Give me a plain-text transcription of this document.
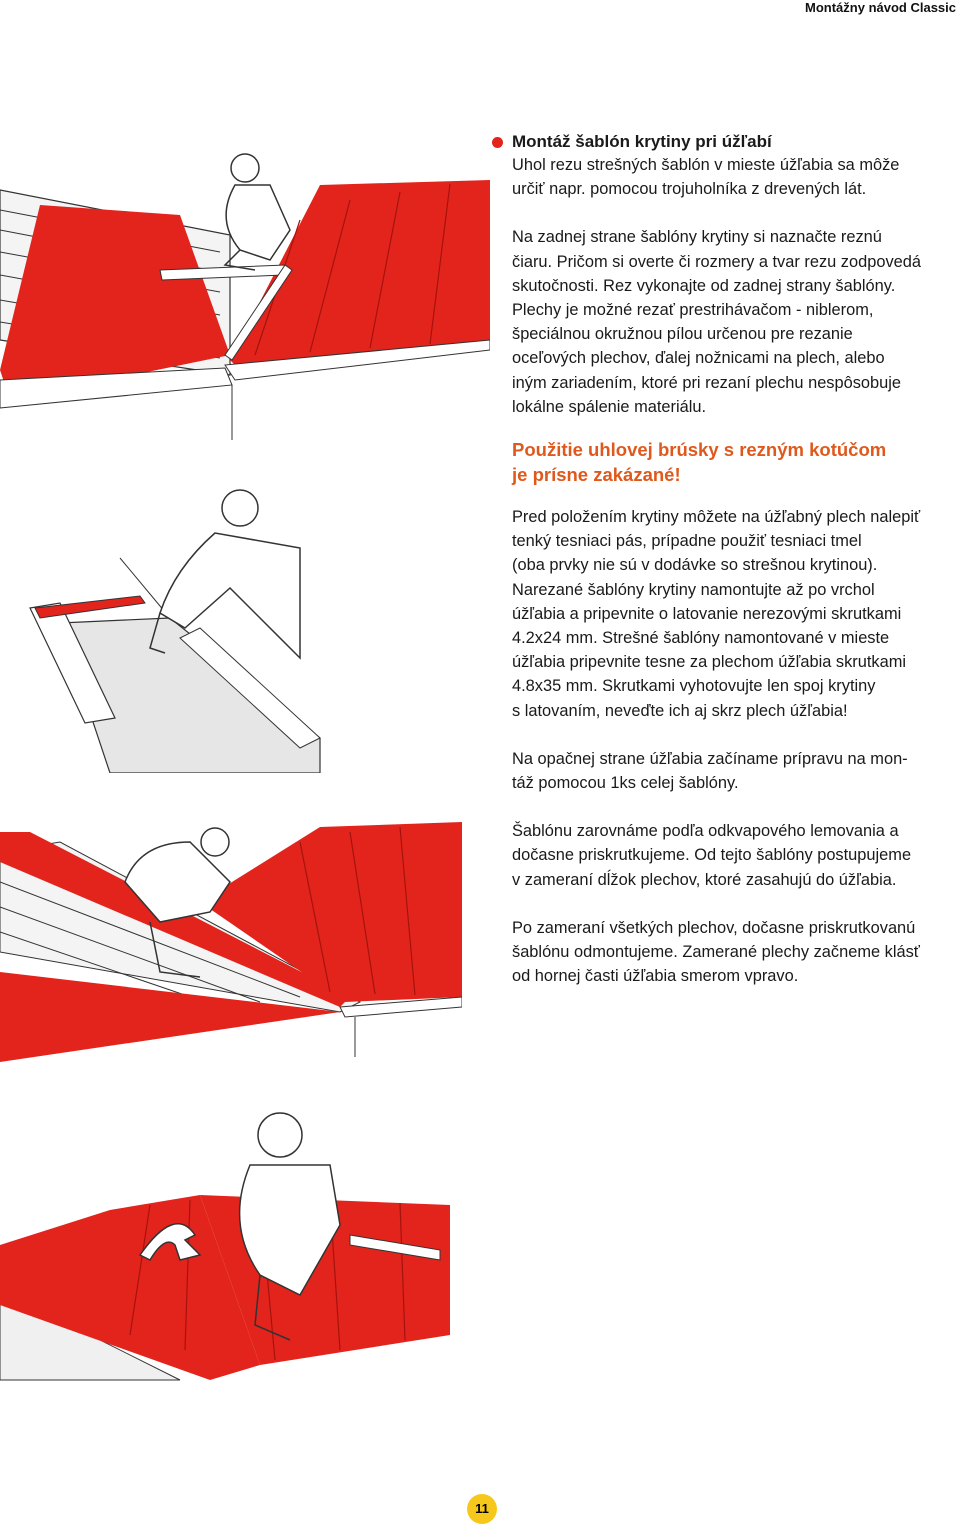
Montážny návod Classic
Montáž šablón krytiny pri úžľabí

Uhol rezu strešných šablón v mieste úžľabia sa môže
určiť napr. pomocou trojuholníka z drevených lát.

Na zadnej strane šablóny krytiny si naznačte reznú
čiaru. Pričom si overte či rozmery a tvar rezu zodpovedá
skutočnosti. Rez vykonajte od zadnej strany šablóny.
Plechy je možné rezať prestrihávačom - niblerom,
špeciálnou okružnou pílou určenou pre rezanie
oceľových plechov, ďalej nožnicami na plech, alebo
iným zariadením, ktoré pri rezaní plechu nespôsobuje
lokálne spálenie materiálu.

Použitie uhlovej brúsky s rezným kotúčom
je prísne zakázané!

Pred položením krytiny môžete na úžľabný plech nalepiť
tenký tesniaci pás, prípadne použiť tesniaci tmel
(oba prvky nie sú v dodávke so strešnou krytinou).
Narezané šablóny krytiny namontujte až po vrchol
úžľabia a pripevnite o latovanie nerezovými skrutkami
4.2x24 mm. Strešné šablóny namontované v mieste
úžľabia pripevnite tesne za plechom úžľabia skrutkami
4.8x35 mm. Skrutkami vyhotovujte len spoj krytiny
s latovaním, neveďte ich aj skrz plech úžľabia!

Na opačnej strane úžľabia začíname prípravu na mon-
táž pomocou 1ks celej šablóny.

Šablónu zarovnáme podľa odkvapového lemovania a
dočasne priskrutkujeme. Od tejto šablóny postupujeme
v zameraní dĺžok plechov, ktoré zasahujú do úžľabia.

Po zameraní všetkých plechov, dočasne priskrutkovanú
šablónu odmontujeme. Zamerané plechy začneme klásť
od hornej časti úžľabia smerom vpravo.

11
